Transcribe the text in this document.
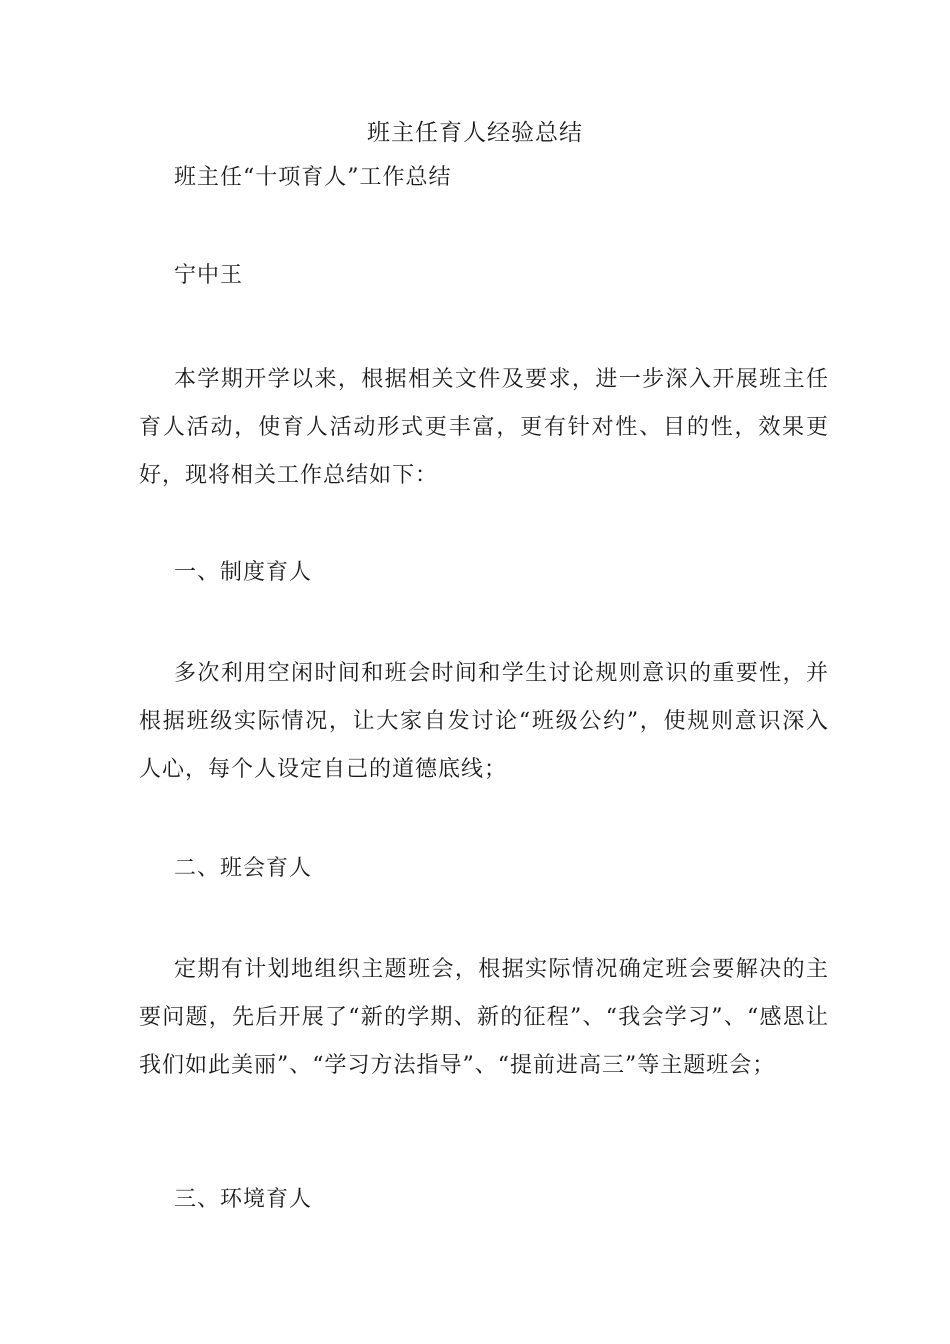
班主任育人经验总结
班主任“十项育人”工作总结
宁中王
本学期开学以来，根据相关文件及要求，进一步深入开展班主任育人活动，使育人活动形式更丰富，更有针对性、目的性，效果更好，现将相关工作总结如下：
一、制度育人
多次利用空闲时间和班会时间和学生讨论规则意识的重要性，并根据班级实际情况，让大家自发讨论“班级公约”，使规则意识深入人心，每个人设定自己的道德底线；
二、班会育人
定期有计划地组织主题班会，根据实际情况确定班会要解决的主要问题，先后开展了“新的学期、新的征程”、“我会学习”、“感恩让我们如此美丽”、“学习方法指导”、“提前进高三”等主题班会；
三、环境育人
